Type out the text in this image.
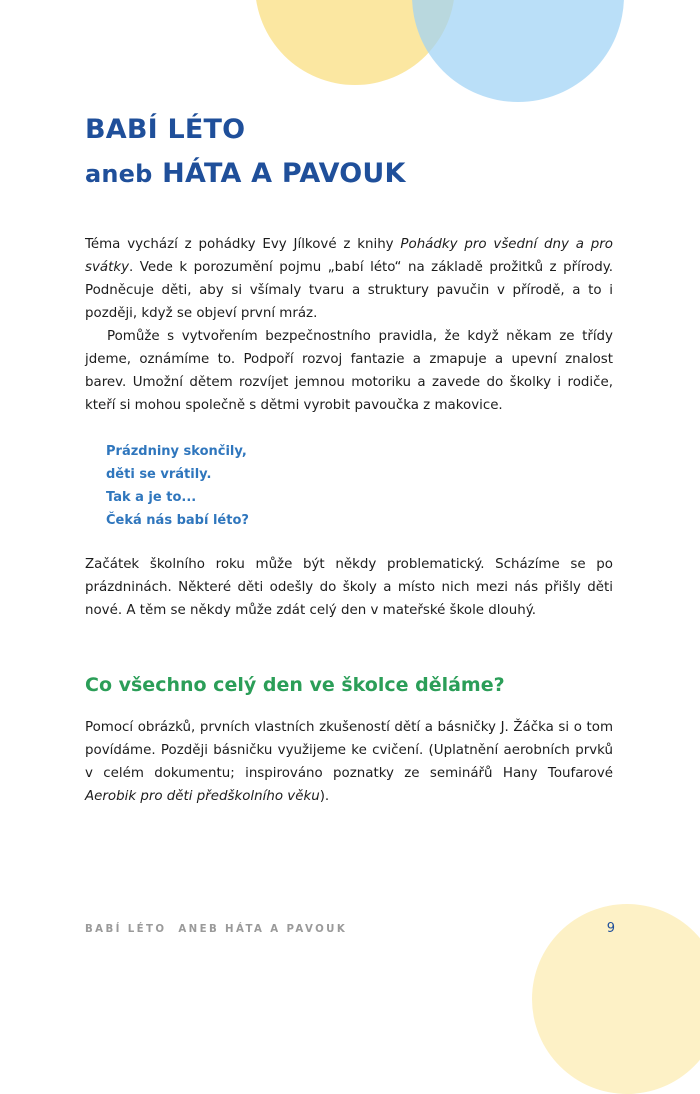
BABÍ LÉTO
aneb HÁTA A PAVOUK

Téma vychází z pohádky Evy Jílkové z knihy Pohádky pro všední dny a pro svátky. Vede k porozumění pojmu „babí léto“ na základě prožitků z přírody. Podněcuje děti, aby si všímaly tvaru a struktury pavučin v přírodě, a to i později, když se objeví první mráz.

Pomůže s vytvořením bezpečnostního pravidla, že když někam ze třídy jdeme, oznámíme to. Podpoří rozvoj fantazie a zmapuje a upevní znalost barev. Umožní dětem rozvíjet jemnou motoriku a zavede do školky i rodiče, kteří si mohou společně s dětmi vyrobit pavoučka z makovice.

Prázdniny skončily,
děti se vrátily.
Tak a je to...
Čeká nás babí léto?

Začátek školního roku může být někdy problematický. Scházíme se po prázdninách. Některé děti odešly do školy a místo nich mezi nás přišly děti nové. A těm se někdy může zdát celý den v mateřské škole dlouhý.

Co všechno celý den ve školce děláme?

Pomocí obrázků, prvních vlastních zkušeností dětí a básničky J. Žáčka si o tom povídáme. Později básničku využijeme ke cvičení. (Uplatnění aerobních prvků v celém dokumentu; inspirováno poznatky ze seminářů Hany Toufarové Aerobik pro děti předškolního věku).

BABÍ LÉTO ANEB HÁTA A PAVOUK	9
